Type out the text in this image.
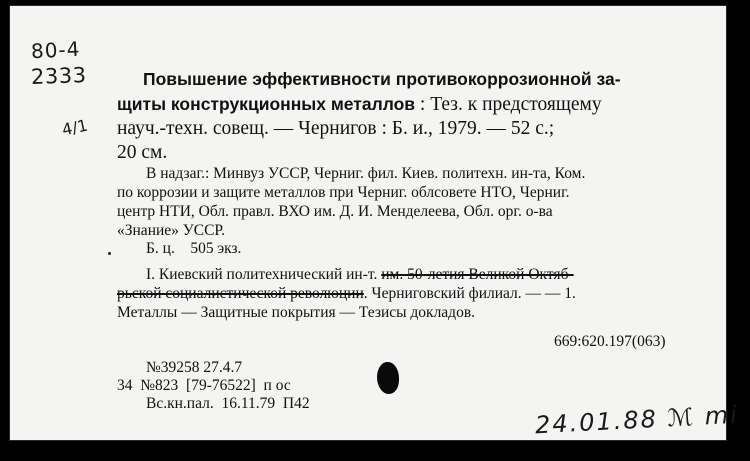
80-4
2333
4/1
Повышение эффективности противокоррозионной за-
щиты конструкционных металлов : Тез. к предстоящему
науч.-техн. совещ. — Чернигов : Б. и., 1979. — 52 с.;
20 см.
В надзаг.: Минвуз УССР, Черниг. фил. Киев. политехн. ин-та, Ком.
по коррозии и защите металлов при Черниг. облсовете НТО, Черниг.
центр НТИ, Обл. правл. ВХО им. Д. И. Менделеева, Обл. орг. о-ва
«Знание» УССР.
Б. ц.    505 экз.
I. Киевский политехнический ин-т. им. 50-летия Великой Октяб-
рьской социалистической революции. Черниговский филиал. — — 1.
Металлы — Защитные покрытия — Тезисы докладов.
669:620.197(063)
№39258 27.4.7
34  №823  [79-76522]  п ос
Вс.кн.пал.  16.11.79  П42	24.01.88 ℳ mi
